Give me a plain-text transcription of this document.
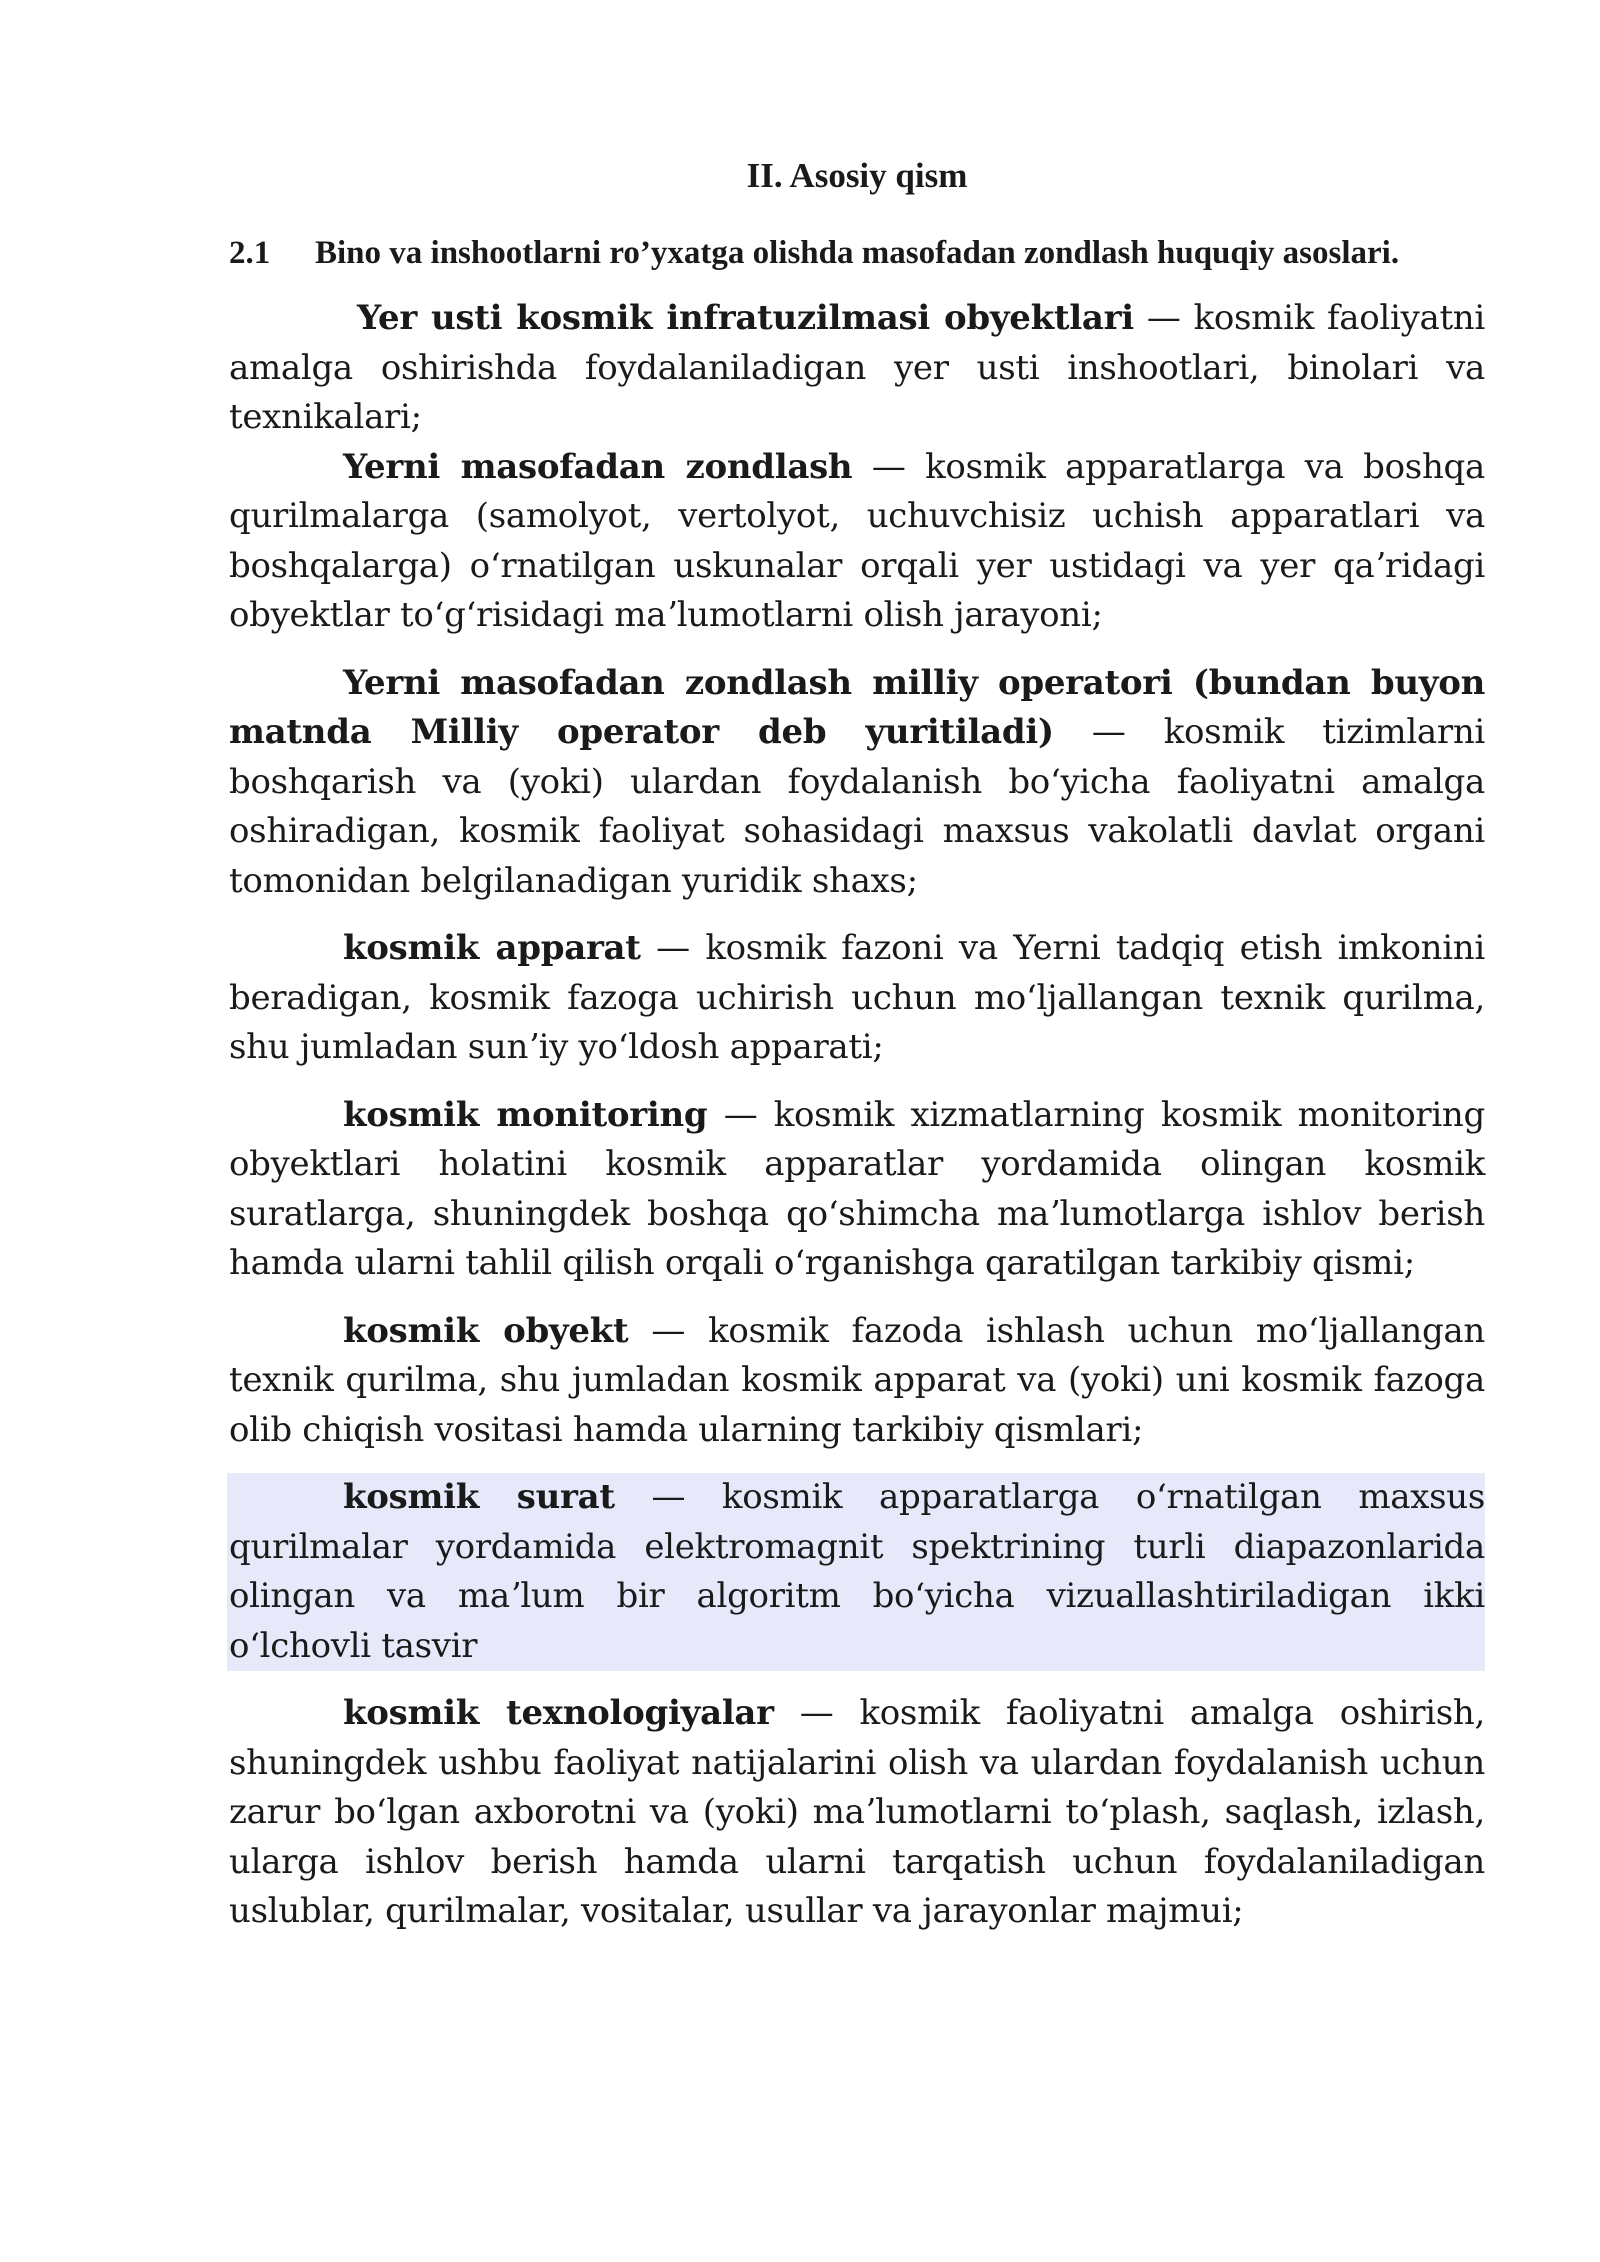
II. Asosiy qism
2.1 Bino va inshootlarni ro’yxatga olishda masofadan zondlash huquqiy asoslari.

Yer usti kosmik infratuzilmasi obyektlari — kosmik faoliyatni amalga oshirishda foydalaniladigan yer usti inshootlari, binolari va texnikalari;

Yerni masofadan zondlash — kosmik apparatlarga va boshqa qurilmalarga (samolyot, vertolyot, uchuvchisiz uchish apparatlari va boshqalarga) oʻrnatilgan uskunalar orqali yer ustidagi va yer qaʼridagi obyektlar toʻgʻrisidagi maʼlumotlarni olish jarayoni;

Yerni masofadan zondlash milliy operatori (bundan buyon matnda Milliy operator deb yuritiladi) — kosmik tizimlarni boshqarish va (yoki) ulardan foydalanish boʻyicha faoliyatni amalga oshiradigan, kosmik faoliyat sohasidagi maxsus vakolatli davlat organi tomonidan belgilanadigan yuridik shaxs;

kosmik apparat — kosmik fazoni va Yerni tadqiq etish imkonini beradigan, kosmik fazoga uchirish uchun moʻljallangan texnik qurilma, shu jumladan sunʼiy yoʻldosh apparati;

kosmik monitoring — kosmik xizmatlarning kosmik monitoring obyektlari holatini kosmik apparatlar yordamida olingan kosmik suratlarga, shuningdek boshqa qoʻshimcha maʼlumotlarga ishlov berish hamda ularni tahlil qilish orqali oʻrganishga qaratilgan tarkibiy qismi;

kosmik obyekt — kosmik fazoda ishlash uchun moʻljallangan texnik qurilma, shu jumladan kosmik apparat va (yoki) uni kosmik fazoga olib chiqish vositasi hamda ularning tarkibiy qismlari;

kosmik surat — kosmik apparatlarga oʻrnatilgan maxsus qurilmalar yordamida elektromagnit spektrining turli diapazonlarida olingan va maʼlum bir algoritm boʻyicha vizuallashtiriladigan ikki oʻlchovli tasvir

kosmik texnologiyalar — kosmik faoliyatni amalga oshirish, shuningdek ushbu faoliyat natijalarini olish va ulardan foydalanish uchun zarur boʻlgan axborotni va (yoki) maʼlumotlarni toʻplash, saqlash, izlash, ularga ishlov berish hamda ularni tarqatish uchun foydalaniladigan uslublar, qurilmalar, vositalar, usullar va jarayonlar majmui;
